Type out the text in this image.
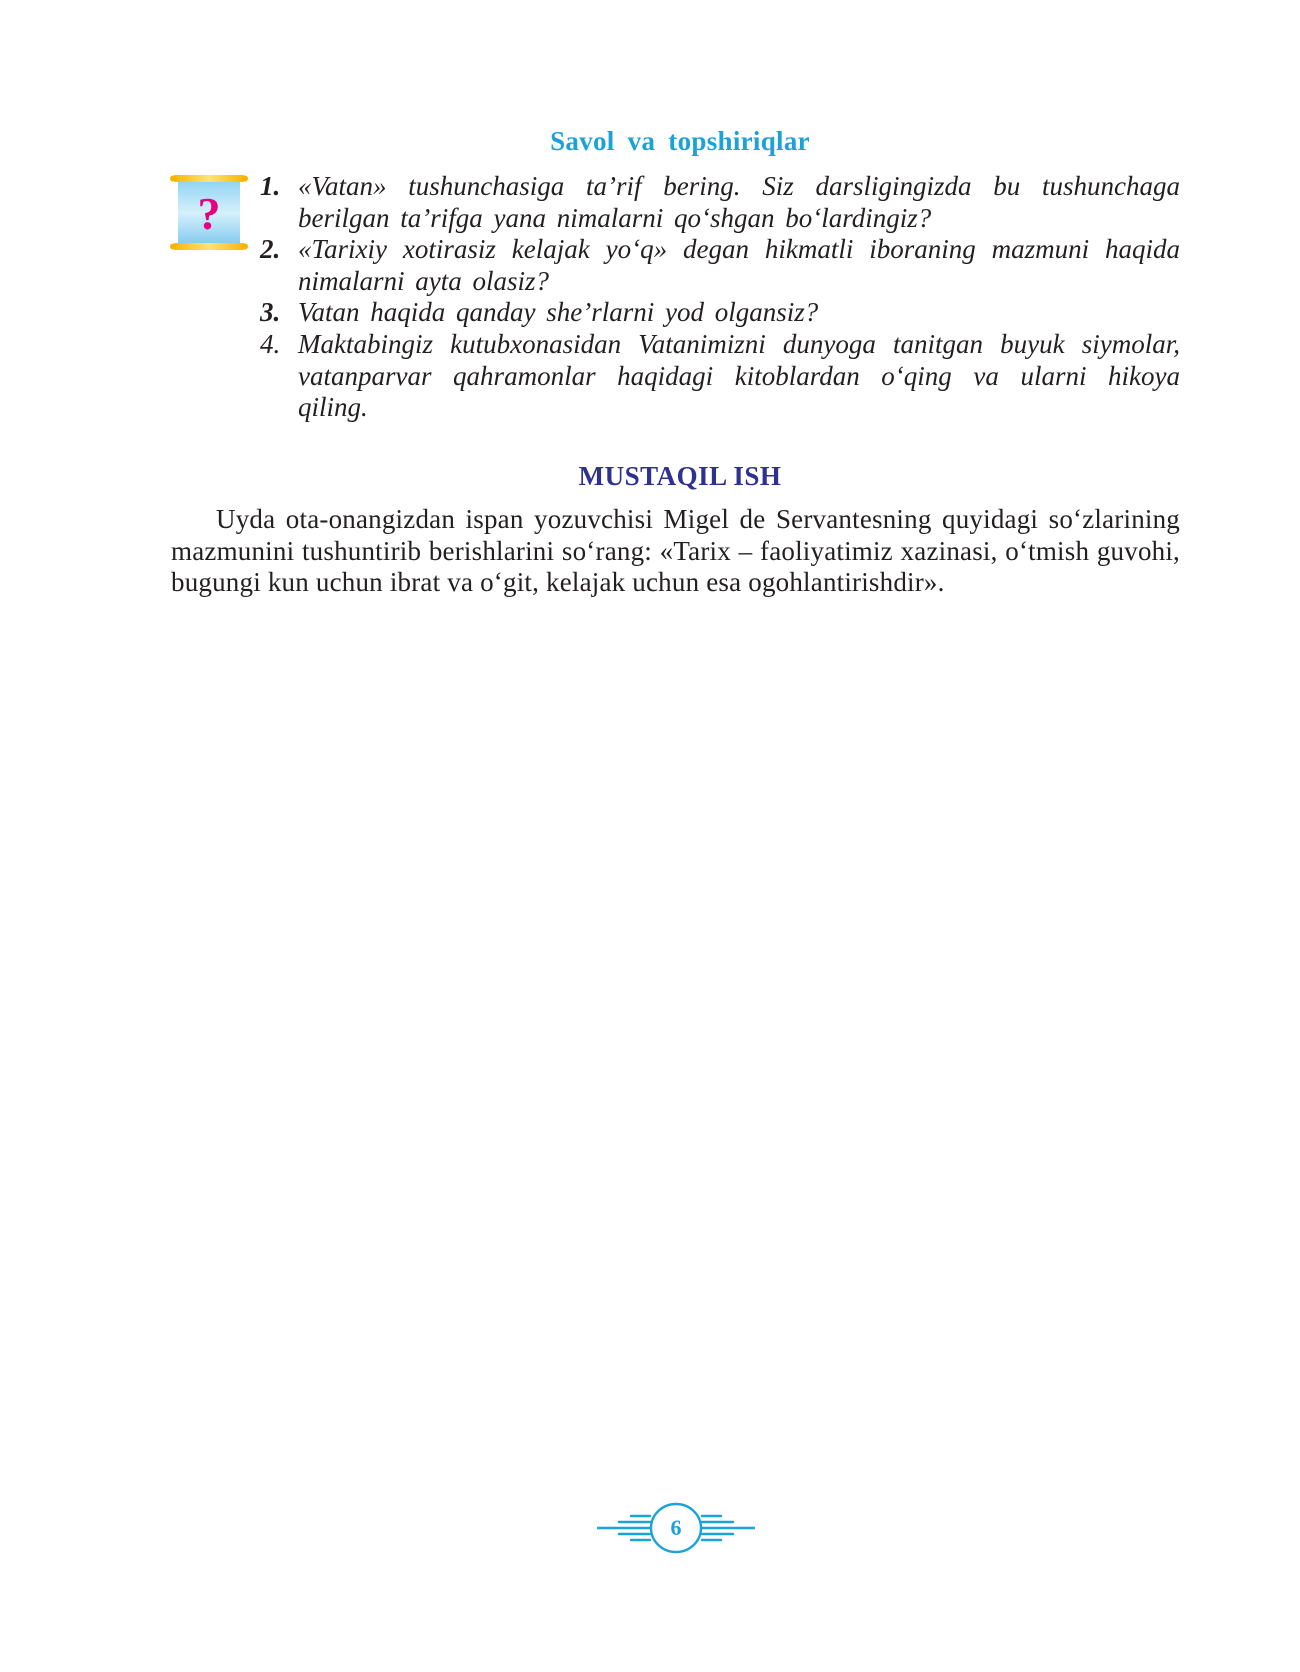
Savol va topshiriqlar
?
1. «Vatan» tushunchasiga ta’rif bering. Siz darsligingizda bu tushunchaga berilgan ta’rifga yana nimalarni qo‘shgan bo‘lardingiz?
2. «Tarixiy xotirasiz kelajak yo‘q» degan hikmatli iboraning mazmuni haqida nimalarni ayta olasiz?
3. Vatan haqida qanday she’rlarni yod olgansiz?
4. Maktabingiz kutubxonasidan Vatanimizni dunyoga tanitgan buyuk siymolar, vatanparvar qahramonlar haqidagi kitoblardan o‘qing va ularni hikoya qiling.
MUSTAQIL ISH

Uyda ota-onangizdan ispan yozuvchisi Migel de Servantesning quyidagi so‘zlarining mazmunini tushuntirib berishlarini so‘rang: «Tarix – faoliyatimiz xazinasi, o‘tmish guvohi, bugungi kun uchun ibrat va o‘git, kelajak uchun esa ogohlantirishdir».

6
